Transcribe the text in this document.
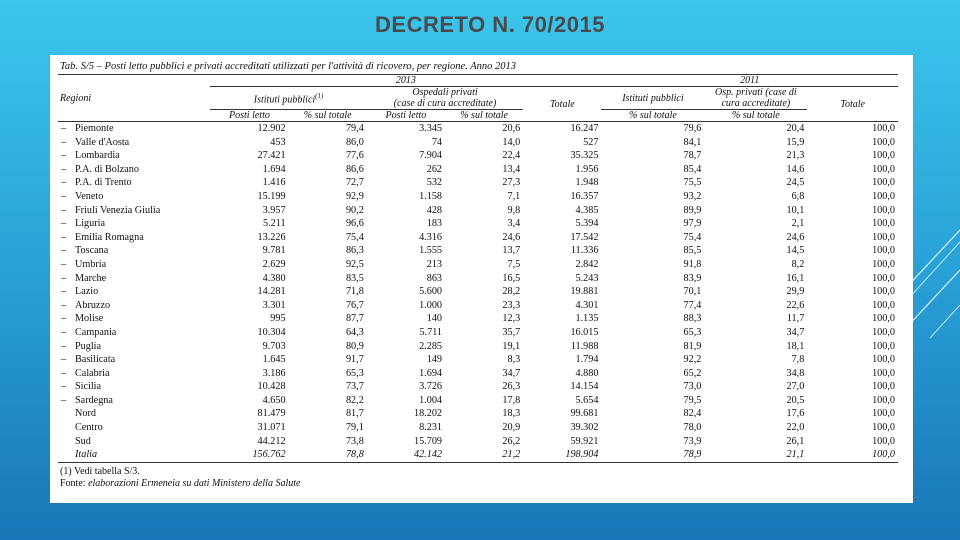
DECRETO N. 70/2015
Tab. S/5 – Posti letto pubblici e privati accreditati utilizzati per l'attività di ricovero, per regione. Anno 2013
Regioni	2013					2011		
	Istituti pubblici$^{(1)}$		Ospedali privati		Totale	Istituti pubblici	Osp. privati (case di	Totale
			(case di cura accreditate)				cura accreditate)	
	Posti letto	% sul totale	Posti letto	% sul totale		% sul totale	% sul totale	
– Piemonte	12.902	79,4	3.345	20,6	16.247	79,6	20,4	100,0
– Valle d'Aosta	453	86,0	74	14,0	527	84,1	15,9	100,0
– Lombardia	27.421	77,6	7.904	22,4	35.325	78,7	21,3	100,0
– P.A. di Bolzano	1.694	86,6	262	13,4	1.956	85,4	14,6	100,0
– P.A. di Trento	1.416	72,7	532	27,3	1.948	75,5	24,5	100,0
– Veneto	15.199	92,9	1.158	7,1	16.357	93,2	6,8	100,0
– Friuli Venezia Giulia	3.957	90,2	428	9,8	4.385	89,9	10,1	100,0
– Liguria	5.211	96,6	183	3,4	5.394	97,9	2,1	100,0
– Emilia Romagna	13.226	75,4	4.316	24,6	17.542	75,4	24,6	100,0
– Toscana	9.781	86,3	1.555	13,7	11.336	85,5	14,5	100,0
– Umbria	2.629	92,5	213	7,5	2.842	91,8	8,2	100,0
– Marche	4.380	83,5	863	16,5	5.243	83,9	16,1	100,0
– Lazio	14.281	71,8	5.600	28,2	19.881	70,1	29,9	100,0
– Abruzzo	3.301	76,7	1.000	23,3	4.301	77,4	22,6	100,0
– Molise	995	87,7	140	12,3	1.135	88,3	11,7	100,0
– Campania	10.304	64,3	5.711	35,7	16.015	65,3	34,7	100,0
– Puglia	9.703	80,9	2.285	19,1	11.988	81,9	18,1	100,0
– Basilicata	1.645	91,7	149	8,3	1.794	92,2	7,8	100,0
– Calabria	3.186	65,3	1.694	34,7	4.880	65,2	34,8	100,0
– Sicilia	10.428	73,7	3.726	26,3	14.154	73,0	27,0	100,0
– Sardegna	4.650	82,2	1.004	17,8	5.654	79,5	20,5	100,0
Nord	81.479	81,7	18.202	18,3	99.681	82,4	17,6	100,0
Centro	31.071	79,1	8.231	20,9	39.302	78,0	22,0	100,0
Sud	44.212	73,8	15.709	26,2	59.921	73,9	26,1	100,0
Italia	156.762	78,8	42.142	21,2	198.904	78,9	21,1	100,0
(1) Vedi tabella S/3.
Fonte: elaborazioni Ermeneia su dati Ministero della Salute
